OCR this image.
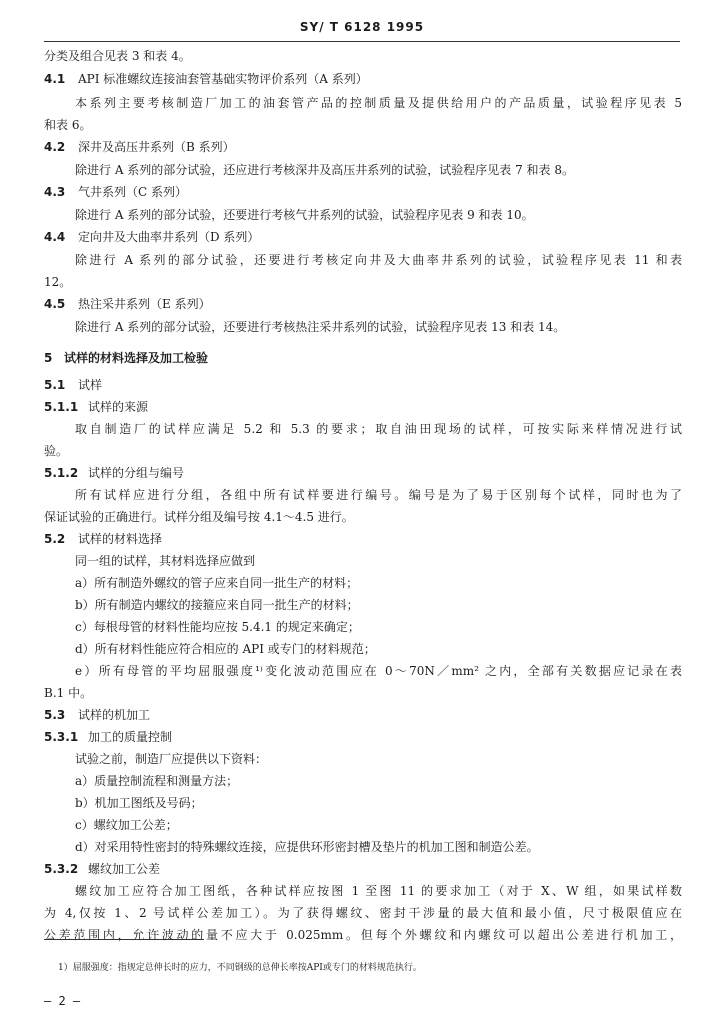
SY/ T 6128 1995
分类及组合见表 3 和表 4。
4.1 API 标准螺纹连接油套管基础实物评价系列（A 系列）
本系列主要考核制造厂加工的油套管产品的控制质量及提供给用户的产品质量，试验程序见表 5
和表 6。
4.2 深井及高压井系列（B 系列）
除进行 A 系列的部分试验，还应进行考核深井及高压井系列的试验，试验程序见表 7 和表 8。
4.3 气井系列（C 系列）
除进行 A 系列的部分试验，还要进行考核气井系列的试验，试验程序见表 9 和表 10。
4.4 定向井及大曲率井系列（D 系列）
除进行 A 系列的部分试验，还要进行考核定向井及大曲率井系列的试验，试验程序见表 11 和表
12。
4.5 热注采井系列（E 系列）
除进行 A 系列的部分试验，还要进行考核热注采井系列的试验，试验程序见表 13 和表 14。
5 试样的材料选择及加工检验
5.1 试样
5.1.1 试样的来源
取自制造厂的试样应满足 5.2 和 5.3 的要求；取自油田现场的试样，可按实际来样情况进行试
验。
5.1.2 试样的分组与编号
所有试样应进行分组，各组中所有试样要进行编号。编号是为了易于区别每个试样，同时也为了
保证试验的正确进行。试样分组及编号按 4.1～4.5 进行。
5.2 试样的材料选择
同一组的试样，其材料选择应做到
a）所有制造外螺纹的管子应来自同一批生产的材料；
b）所有制造内螺纹的接箍应来自同一批生产的材料；
c）每根母管的材料性能均应按 5.4.1 的规定来确定；
d）所有材料性能应符合相应的 API 或专门的材料规范；
e）所有母管的平均屈服强度¹⁾变化波动范围应在 0～70N／mm² 之内，全部有关数据应记录在表
B.1 中。
5.3 试样的机加工
5.3.1 加工的质量控制
试验之前，制造厂应提供以下资料：
a）质量控制流程和测量方法；
b）机加工图纸及号码；
c）螺纹加工公差；
d）对采用特性密封的特殊螺纹连接，应提供环形密封槽及垫片的机加工图和制造公差。
5.3.2 螺纹加工公差
螺纹加工应符合加工图纸，各种试样应按图 1 至图 11 的要求加工（对于 X、W 组，如果试样数
为 4,仅按 1、2 号试样公差加工）。为了获得螺纹、密封干涉量的最大值和最小值，尺寸极限值应在
公差范围内，允许波动的量不应大于 0.025mm。但每个外螺纹和内螺纹可以超出公差进行机加工，
1）屈服强度：指规定总伸长时的应力，不同钢级的总伸长率按API或专门的材料规范执行。
— 2 —
